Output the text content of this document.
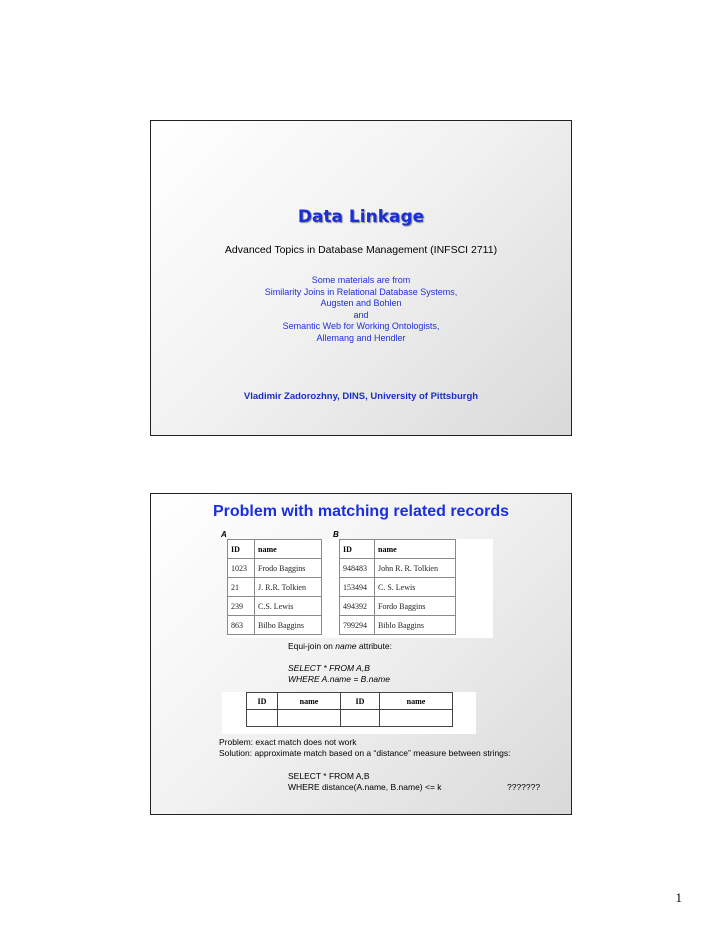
Data Linkage
Advanced Topics in Database Management (INFSCI 2711)
Some materials are from
Similarity Joins in Relational Database Systems,
Augsten and Bohlen
and
Semantic Web for Working Ontologists,
Allemang and Hendler
Vladimir Zadorozhny, DINS, University of Pittsburgh
Problem with matching related records
A	B
ID	name
1023	Frodo Baggins
21	J. R.R. Tolkien
239	C.S. Lewis
863	Bilbo Baggins
ID	name
948483	John R. R. Tolkien
153494	C. S. Lewis
494392	Fordo Baggins
799294	Biblo Baggins
Equi-join on name attribute:
SELECT * FROM A,B
WHERE A.name = B.name
ID	name	ID	name

Problem: exact match does not work
Solution: approximate match based on a “distance” measure between strings:
SELECT * FROM A,B
WHERE distance(A.name, B.name) <= k	???????
1
